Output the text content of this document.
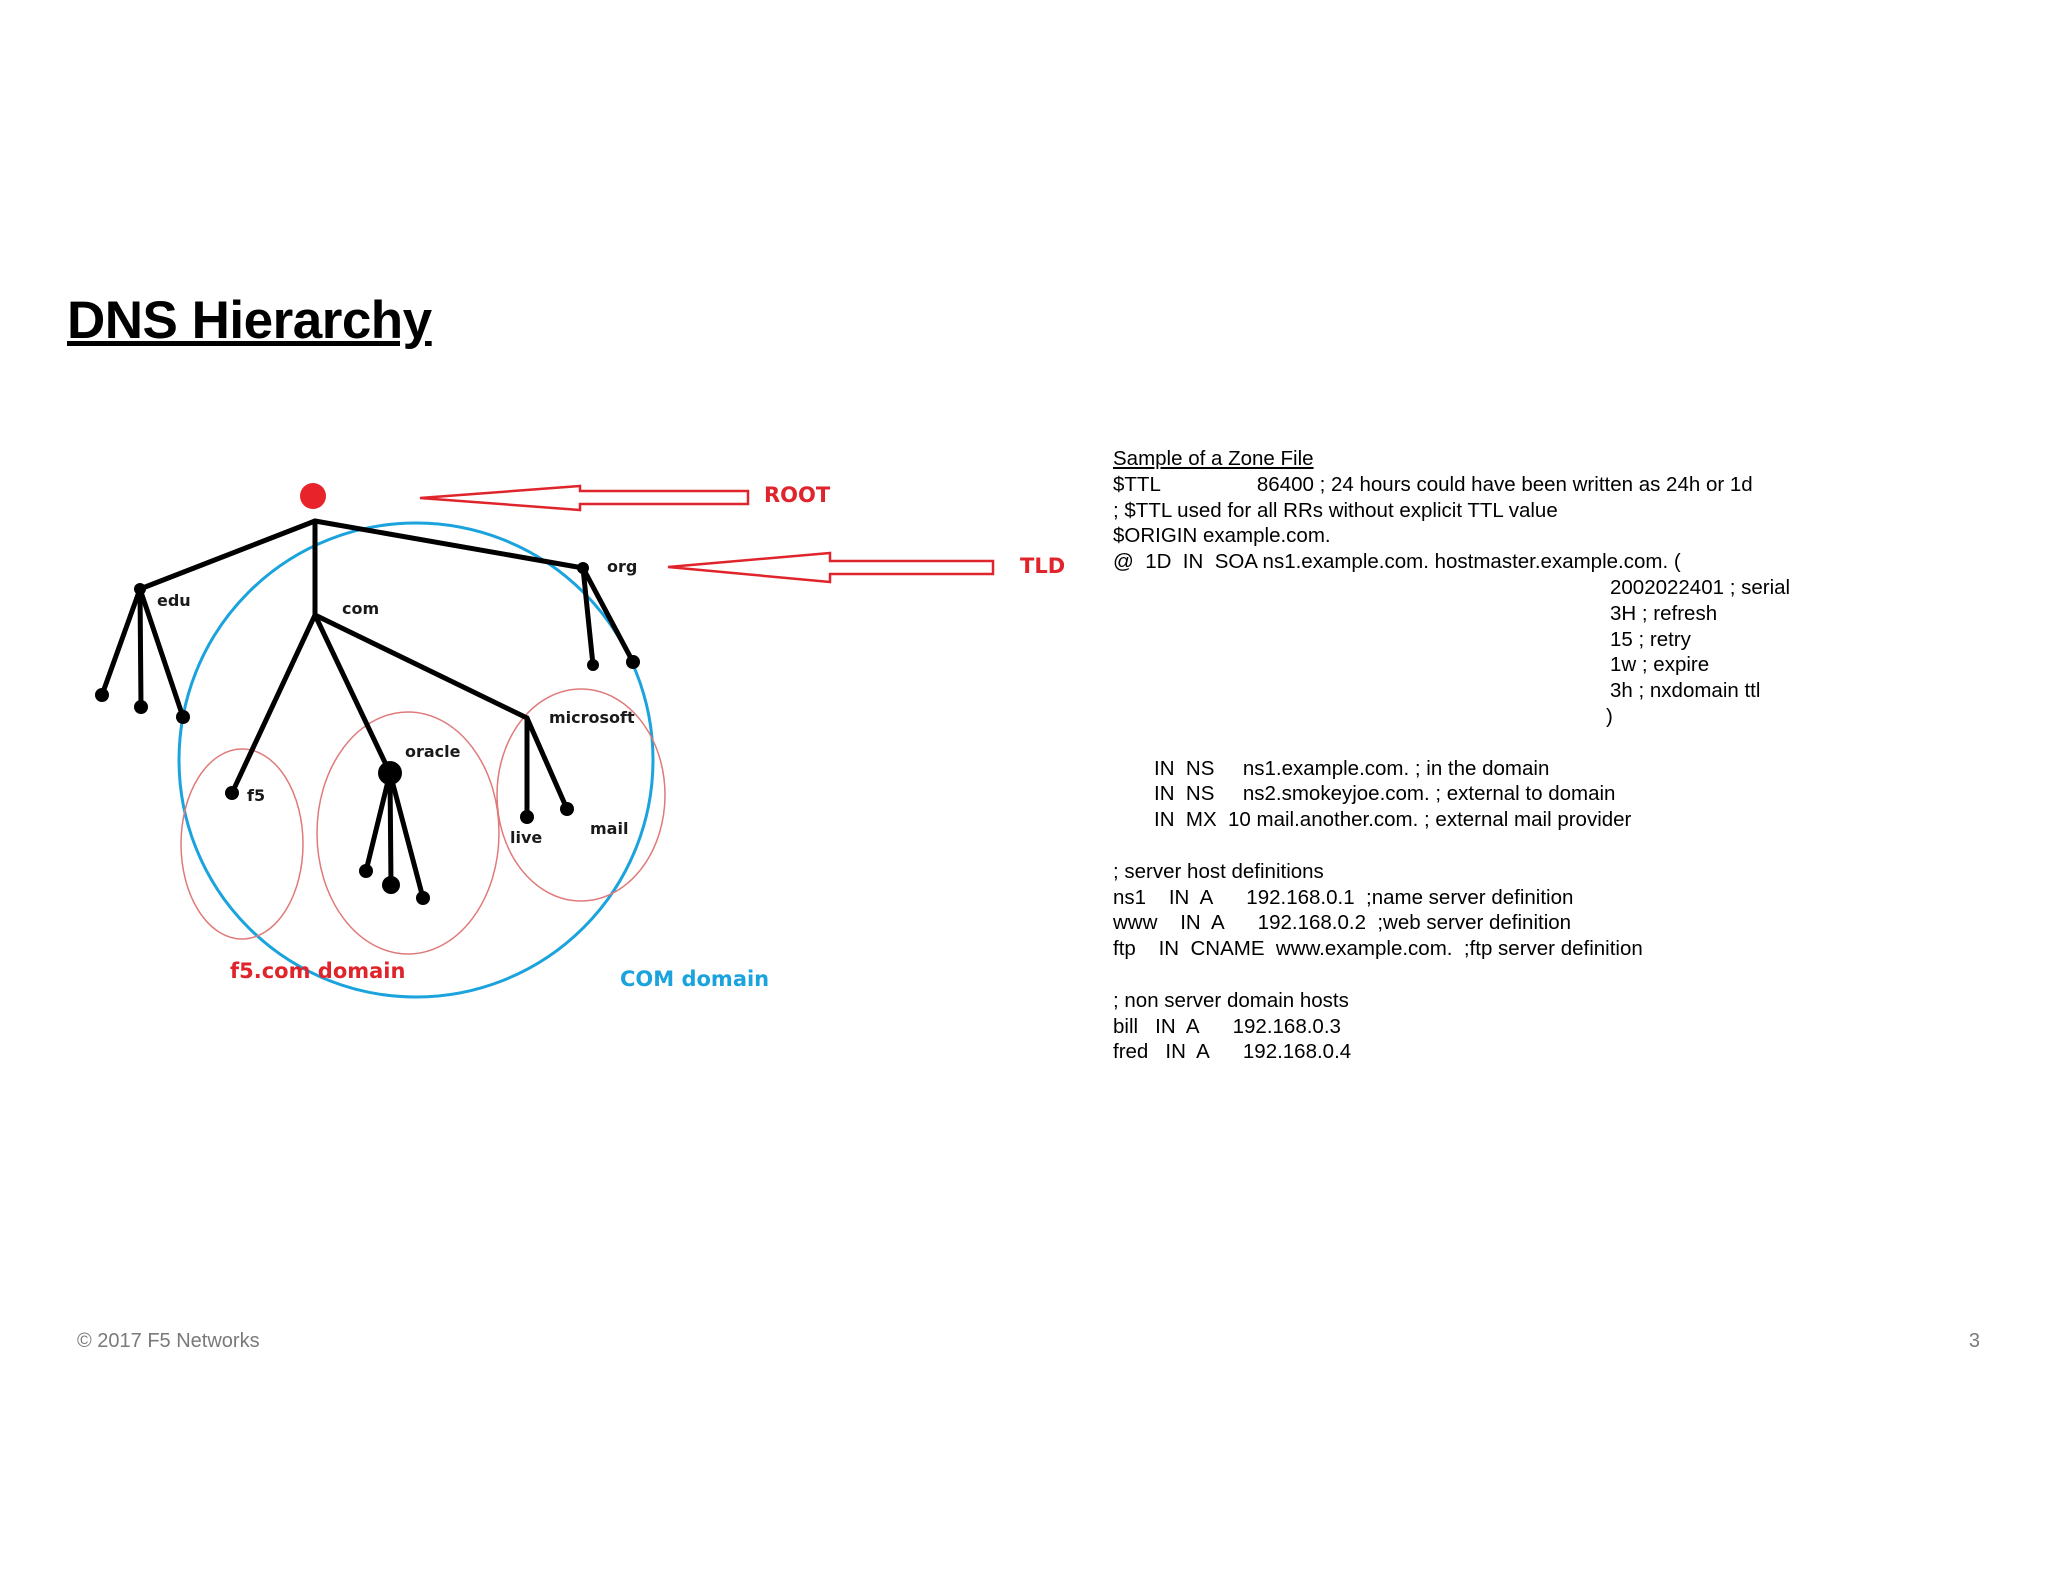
DNS Hierarchy
ROOT
TLD
edu	com
org
f5
oracle
microsoft
live	mail
f5.com domain	COM domain
Sample of a Zone File
$TTL                 86400 ; 24 hours could have been written as 24h or 1d
; $TTL used for all RRs without explicit TTL value
$ORIGIN example.com.
@  1D  IN  SOA ns1.example.com. hostmaster.example.com. (
2002022401 ; serial
3H ; refresh
15 ; retry
1w ; expire
3h ; nxdomain ttl
)
IN  NS     ns1.example.com. ; in the domain
IN  NS     ns2.smokeyjoe.com. ; external to domain
IN  MX  10 mail.another.com. ; external mail provider
; server host definitions
ns1    IN  A      192.168.0.1  ;name server definition
www    IN  A      192.168.0.2  ;web server definition
ftp    IN  CNAME  www.example.com.  ;ftp server definition
; non server domain hosts
bill   IN  A      192.168.0.3
fred   IN  A      192.168.0.4
© 2017 F5 Networks	3
